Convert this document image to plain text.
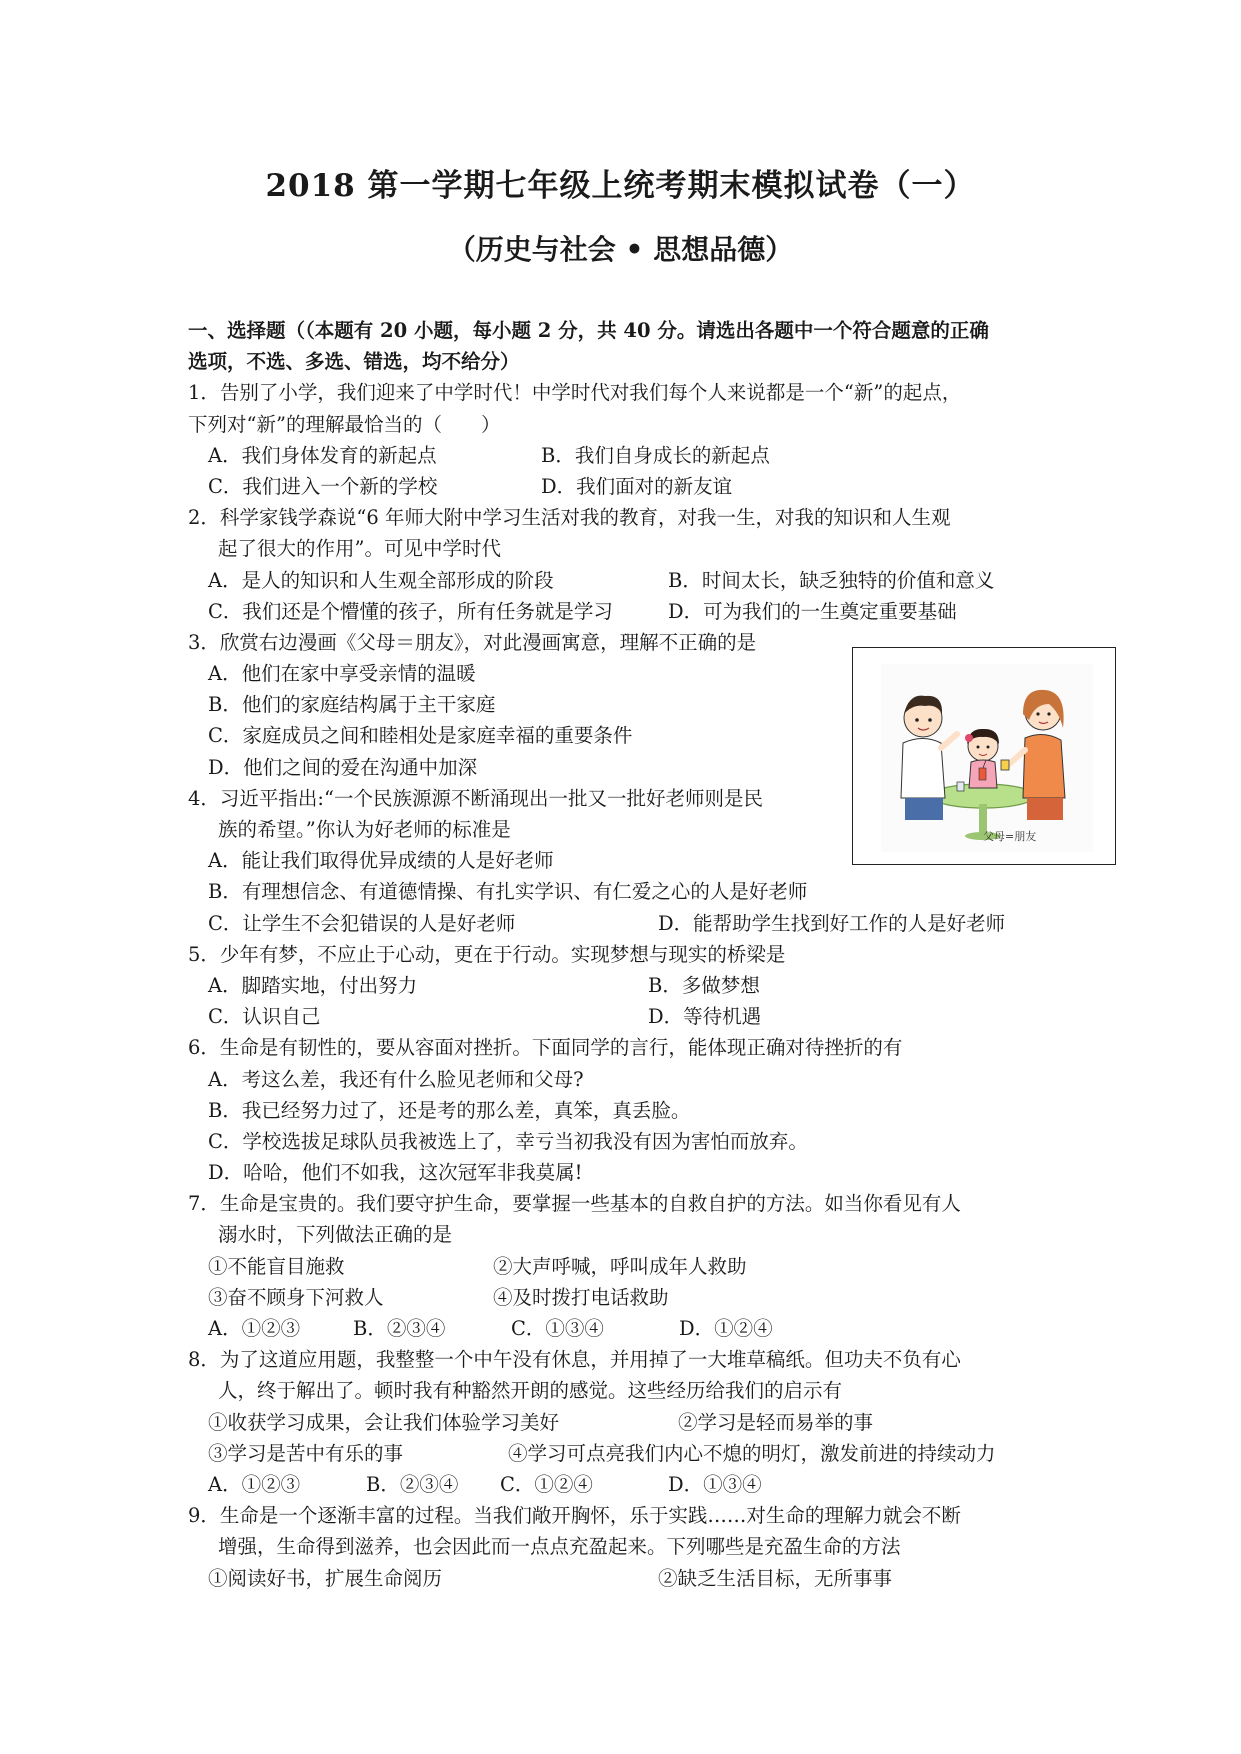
2018 第一学期七年级上统考期末模拟试卷（一）
（历史与社会 • 思想品德）
一、选择题（（本题有 20 小题，每小题 2 分，共 40 分。请选出各题中一个符合题意的正确
选项，不选、多选、错选，均不给分）
1．告别了小学，我们迎来了中学时代！中学时代对我们每个人来说都是一个“新”的起点，
下列对“新”的理解最恰当的（　　）
A．我们身体发育的新起点	B．我们自身成长的新起点
C．我们进入一个新的学校	D．我们面对的新友谊
2．科学家钱学森说“6 年师大附中学习生活对我的教育，对我一生，对我的知识和人生观
起了很大的作用”。可见中学时代
A．是人的知识和人生观全部形成的阶段	B．时间太长，缺乏独特的价值和意义
C．我们还是个懵懂的孩子，所有任务就是学习	D．可为我们的一生奠定重要基础
3．欣赏右边漫画《父母＝朋友》，对此漫画寓意，理解不正确的是
A．他们在家中享受亲情的温暖
B．他们的家庭结构属于主干家庭
C．家庭成员之间和睦相处是家庭幸福的重要条件
D．他们之间的爱在沟通中加深
4．习近平指出:“一个民族源源不断涌现出一批又一批好老师则是民
族的希望。”你认为好老师的标准是
A．能让我们取得优异成绩的人是好老师
B．有理想信念、有道德情操、有扎实学识、有仁爱之心的人是好老师
C．让学生不会犯错误的人是好老师	D．能帮助学生找到好工作的人是好老师
5．少年有梦，不应止于心动，更在于行动。实现梦想与现实的桥梁是
A．脚踏实地，付出努力	B．多做梦想
C．认识自己	D．等待机遇
6．生命是有韧性的，要从容面对挫折。下面同学的言行，能体现正确对待挫折的有
A．考这么差，我还有什么脸见老师和父母?
B．我已经努力过了，还是考的那么差，真笨，真丢脸。
C．学校选拔足球队员我被选上了，幸亏当初我没有因为害怕而放弃。
D．哈哈，他们不如我，这次冠军非我莫属!
7．生命是宝贵的。我们要守护生命，要掌握一些基本的自救自护的方法。如当你看见有人
溺水时，下列做法正确的是
①不能盲目施救	②大声呼喊，呼叫成年人救助
③奋不顾身下河救人	④及时拨打电话救助
A．①②③	B．②③④	C．①③④	D．①②④
8．为了这道应用题，我整整一个中午没有休息，并用掉了一大堆草稿纸。但功夫不负有心
人，终于解出了。顿时我有种豁然开朗的感觉。这些经历给我们的启示有
①收获学习成果，会让我们体验学习美好	②学习是轻而易举的事
③学习是苦中有乐的事	④学习可点亮我们内心不熄的明灯，激发前进的持续动力
A．①②③	B．②③④	C．①②④	D．①③④
9．生命是一个逐渐丰富的过程。当我们敞开胸怀，乐于实践……对生命的理解力就会不断
增强，生命得到滋养，也会因此而一点点充盈起来。下列哪些是充盈生命的方法
①阅读好书，扩展生命阅历	②缺乏生活目标，无所事事
父母=朋友
